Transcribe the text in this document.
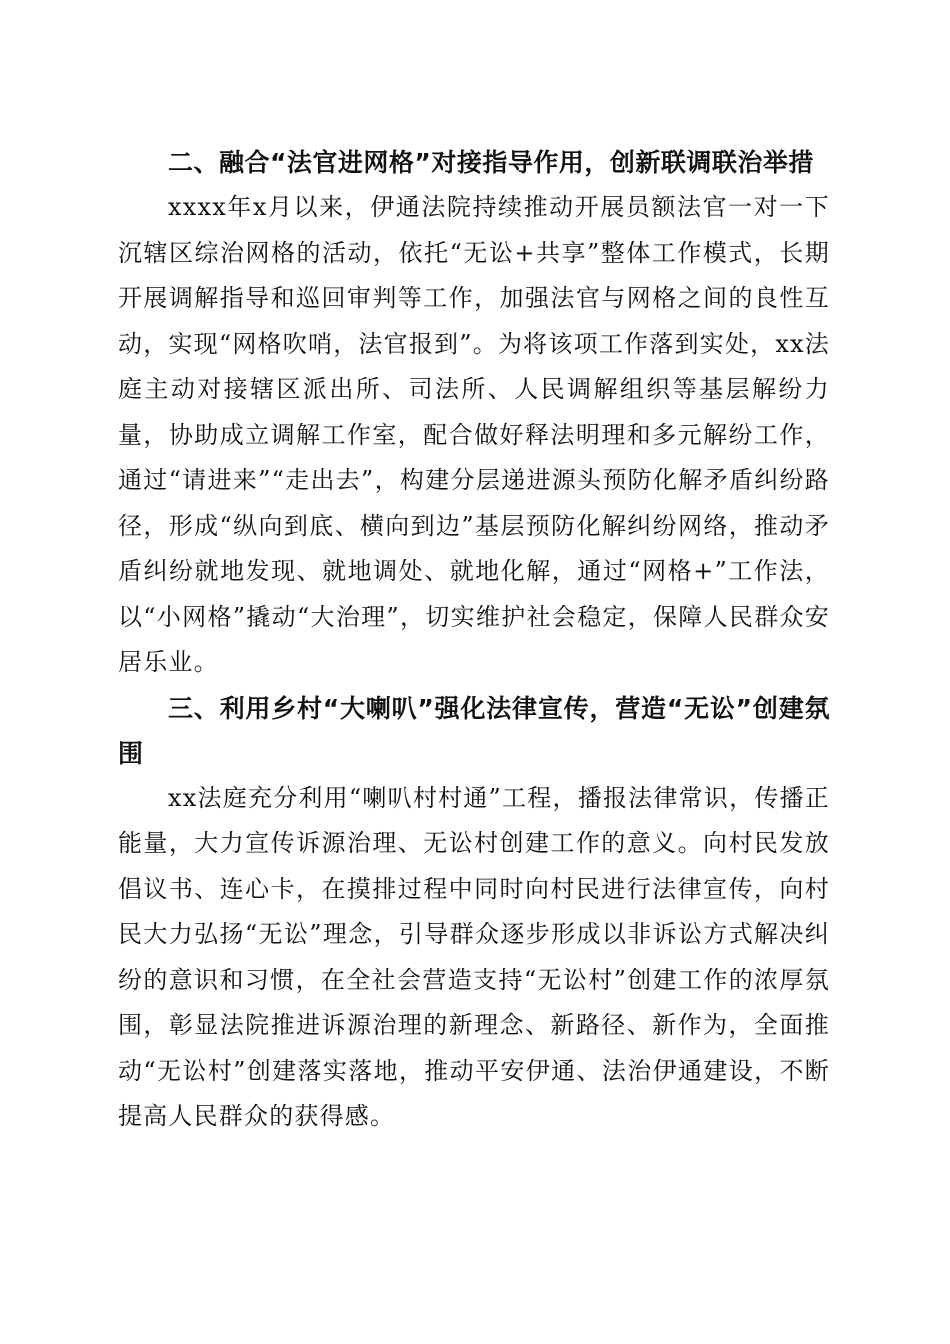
二、融合“法官进网格”对接指导作用，创新联调联治举措

xxxx年x月以来，伊通法院持续推动开展员额法官一对一下沉辖区综治网格的活动，依托“无讼+共享”整体工作模式，长期开展调解指导和巡回审判等工作，加强法官与网格之间的良性互动，实现“网格吹哨，法官报到”。为将该项工作落到实处，xx法庭主动对接辖区派出所、司法所、人民调解组织等基层解纷力量，协助成立调解工作室，配合做好释法明理和多元解纷工作，通过“请进来”“走出去”，构建分层递进源头预防化解矛盾纠纷路径，形成“纵向到底、横向到边”基层预防化解纠纷网络，推动矛盾纠纷就地发现、就地调处、就地化解，通过“网格+”工作法，以“小网格”撬动“大治理”，切实维护社会稳定，保障人民群众安居乐业。

三、利用乡村“大喇叭”强化法律宣传，营造“无讼”创建氛围

xx法庭充分利用“喇叭村村通”工程，播报法律常识，传播正能量，大力宣传诉源治理、无讼村创建工作的意义。向村民发放倡议书、连心卡，在摸排过程中同时向村民进行法律宣传，向村民大力弘扬“无讼”理念，引导群众逐步形成以非诉讼方式解决纠纷的意识和习惯，在全社会营造支持“无讼村”创建工作的浓厚氛围，彰显法院推进诉源治理的新理念、新路径、新作为，全面推动“无讼村”创建落实落地，推动平安伊通、法治伊通建设，不断提高人民群众的获得感。
